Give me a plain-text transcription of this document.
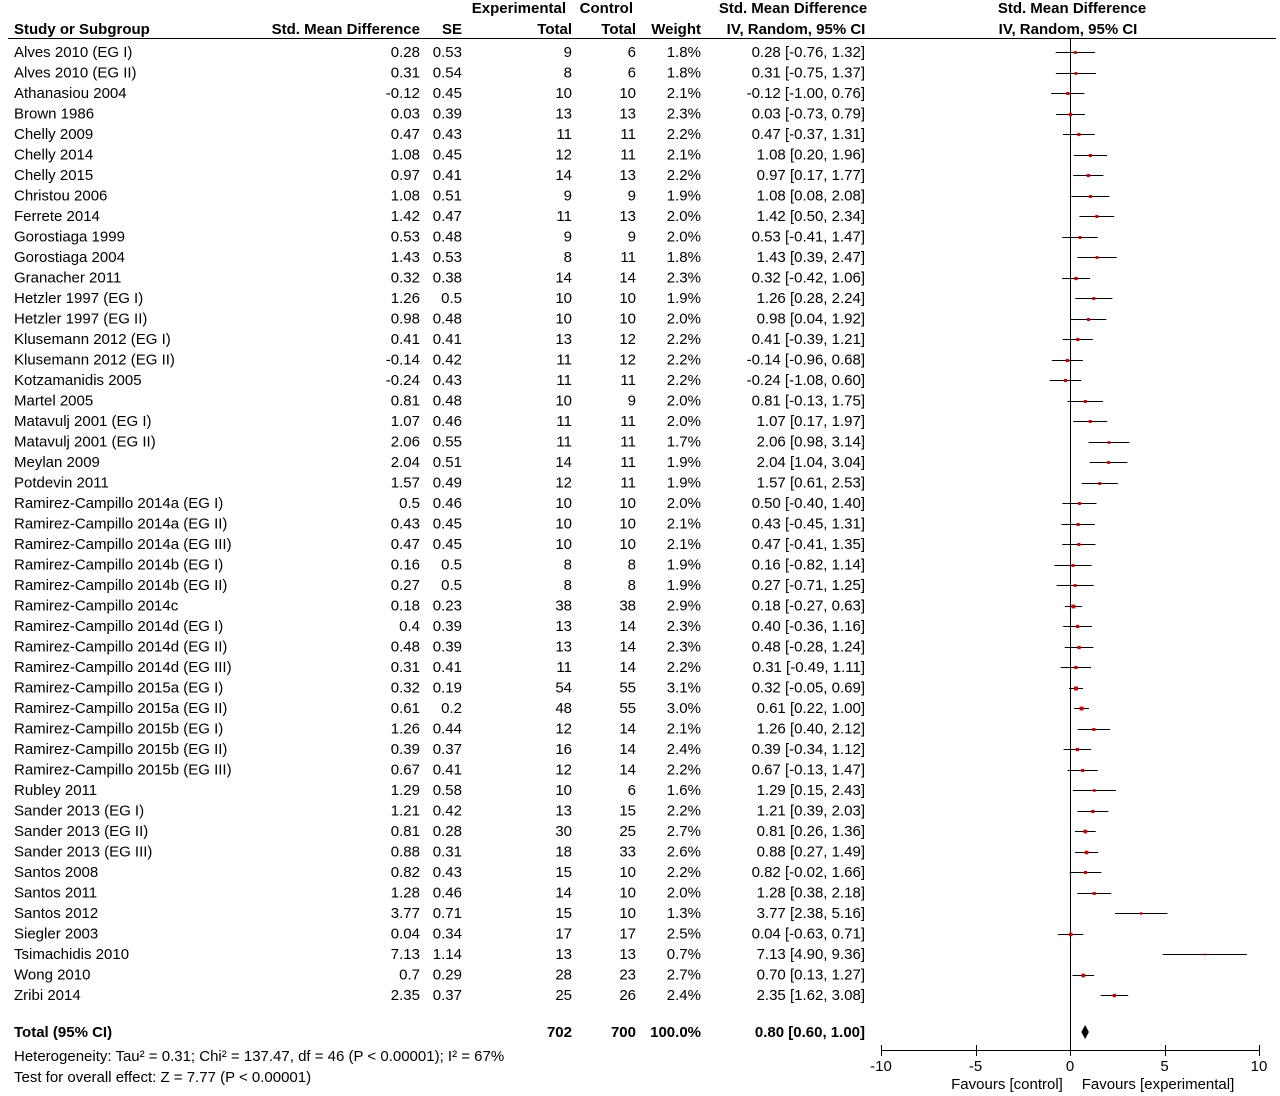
Experimental Control	Std. Mean Difference	Std. Mean Difference
Study or Subgroup	Std. Mean Difference SE	Total Total Weight IV, Random, 95% CI	IV, Random, 95% CI
Alves 2010 (EG I)	0.28 0.53	9	6 1.8%	0.28 [-0.76, 1.32]
Alves 2010 (EG II)	0.31 0.54	8	6 1.8%	0.31 [-0.75, 1.37]
Athanasiou 2004	-0.12 0.45	10	10 2.1%	-0.12 [-1.00, 0.76]
Brown 1986	0.03 0.39	13	13 2.3%	0.03 [-0.73, 0.79]
Chelly 2009	0.47 0.43	11	11 2.2%	0.47 [-0.37, 1.31]
Chelly 2014	1.08 0.45	12	11 2.1%	1.08 [0.20, 1.96]
Chelly 2015	0.97 0.41	14	13 2.2%	0.97 [0.17, 1.77]
Christou 2006	1.08 0.51	9	9 1.9%	1.08 [0.08, 2.08]
Ferrete 2014	1.42 0.47	11	13 2.0%	1.42 [0.50, 2.34]
Gorostiaga 1999	0.53 0.48	9	9 2.0%	0.53 [-0.41, 1.47]
Gorostiaga 2004	1.43 0.53	8	11 1.8%	1.43 [0.39, 2.47]
Granacher 2011	0.32 0.38	14	14 2.3%	0.32 [-0.42, 1.06]
Hetzler 1997 (EG I)	1.26 0.5	10	10 1.9%	1.26 [0.28, 2.24]
Hetzler 1997 (EG II)	0.98 0.48	10	10 2.0%	0.98 [0.04, 1.92]
Klusemann 2012 (EG I)	0.41 0.41	13	12 2.2%	0.41 [-0.39, 1.21]
Klusemann 2012 (EG II)	-0.14 0.42	11	12 2.2%	-0.14 [-0.96, 0.68]
Kotzamanidis 2005	-0.24 0.43	11	11 2.2%	-0.24 [-1.08, 0.60]
Martel 2005	0.81 0.48	10	9 2.0%	0.81 [-0.13, 1.75]
Matavulj 2001 (EG I)	1.07 0.46	11	11 2.0%	1.07 [0.17, 1.97]
Matavulj 2001 (EG II)	2.06 0.55	11	11 1.7%	2.06 [0.98, 3.14]
Meylan 2009	2.04 0.51	14	11 1.9%	2.04 [1.04, 3.04]
Potdevin 2011	1.57 0.49	12	11 1.9%	1.57 [0.61, 2.53]
Ramirez-Campillo 2014a (EG I)	0.5 0.46	10	10 2.0%	0.50 [-0.40, 1.40]
Ramirez-Campillo 2014a (EG II)	0.43 0.45	10	10 2.1%	0.43 [-0.45, 1.31]
Ramirez-Campillo 2014a (EG III)	0.47 0.45	10	10 2.1%	0.47 [-0.41, 1.35]
Ramirez-Campillo 2014b (EG I)	0.16 0.5	8	8 1.9%	0.16 [-0.82, 1.14]
Ramirez-Campillo 2014b (EG II)	0.27 0.5	8	8 1.9%	0.27 [-0.71, 1.25]
Ramirez-Campillo 2014c	0.18 0.23	38	38 2.9%	0.18 [-0.27, 0.63]
Ramirez-Campillo 2014d (EG I)	0.4 0.39	13	14 2.3%	0.40 [-0.36, 1.16]
Ramirez-Campillo 2014d (EG II)	0.48 0.39	13	14 2.3%	0.48 [-0.28, 1.24]
Ramirez-Campillo 2014d (EG III)	0.31 0.41	11	14 2.2%	0.31 [-0.49, 1.11]
Ramirez-Campillo 2015a (EG I)	0.32 0.19	54	55 3.1%	0.32 [-0.05, 0.69]
Ramirez-Campillo 2015a (EG II)	0.61 0.2	48	55 3.0%	0.61 [0.22, 1.00]
Ramirez-Campillo 2015b (EG I)	1.26 0.44	12	14 2.1%	1.26 [0.40, 2.12]
Ramirez-Campillo 2015b (EG II)	0.39 0.37	16	14 2.4%	0.39 [-0.34, 1.12]
Ramirez-Campillo 2015b (EG III)	0.67 0.41	12	14 2.2%	0.67 [-0.13, 1.47]
Rubley 2011	1.29 0.58	10	6 1.6%	1.29 [0.15, 2.43]
Sander 2013 (EG I)	1.21 0.42	13	15 2.2%	1.21 [0.39, 2.03]
Sander 2013 (EG II)	0.81 0.28	30	25 2.7%	0.81 [0.26, 1.36]
Sander 2013 (EG III)	0.88 0.31	18	33 2.6%	0.88 [0.27, 1.49]
Santos 2008	0.82 0.43	15	10 2.2%	0.82 [-0.02, 1.66]
Santos 2011	1.28 0.46	14	10 2.0%	1.28 [0.38, 2.18]
Santos 2012	3.77 0.71	15	10 1.3%	3.77 [2.38, 5.16]
Siegler 2003	0.04 0.34	17	17 2.5%	0.04 [-0.63, 0.71]
Tsimachidis 2010	7.13 1.14	13	13 0.7%	7.13 [4.90, 9.36]
Wong 2010	0.7 0.29	28	23 2.7%	0.70 [0.13, 1.27]
Zribi 2014	2.35 0.37	25	26 2.4%	2.35 [1.62, 3.08]
Total (95% CI)	702	700 100.0%	0.80 [0.60, 1.00]
-10	-5	0	5	10
Heterogeneity: Tau² = 0.31; Chi² = 137.47, df = 46 (P < 0.00001); I² = 67%
Test for overall effect: Z = 7.77 (P < 0.00001)	Favours [control] Favours [experimental]
